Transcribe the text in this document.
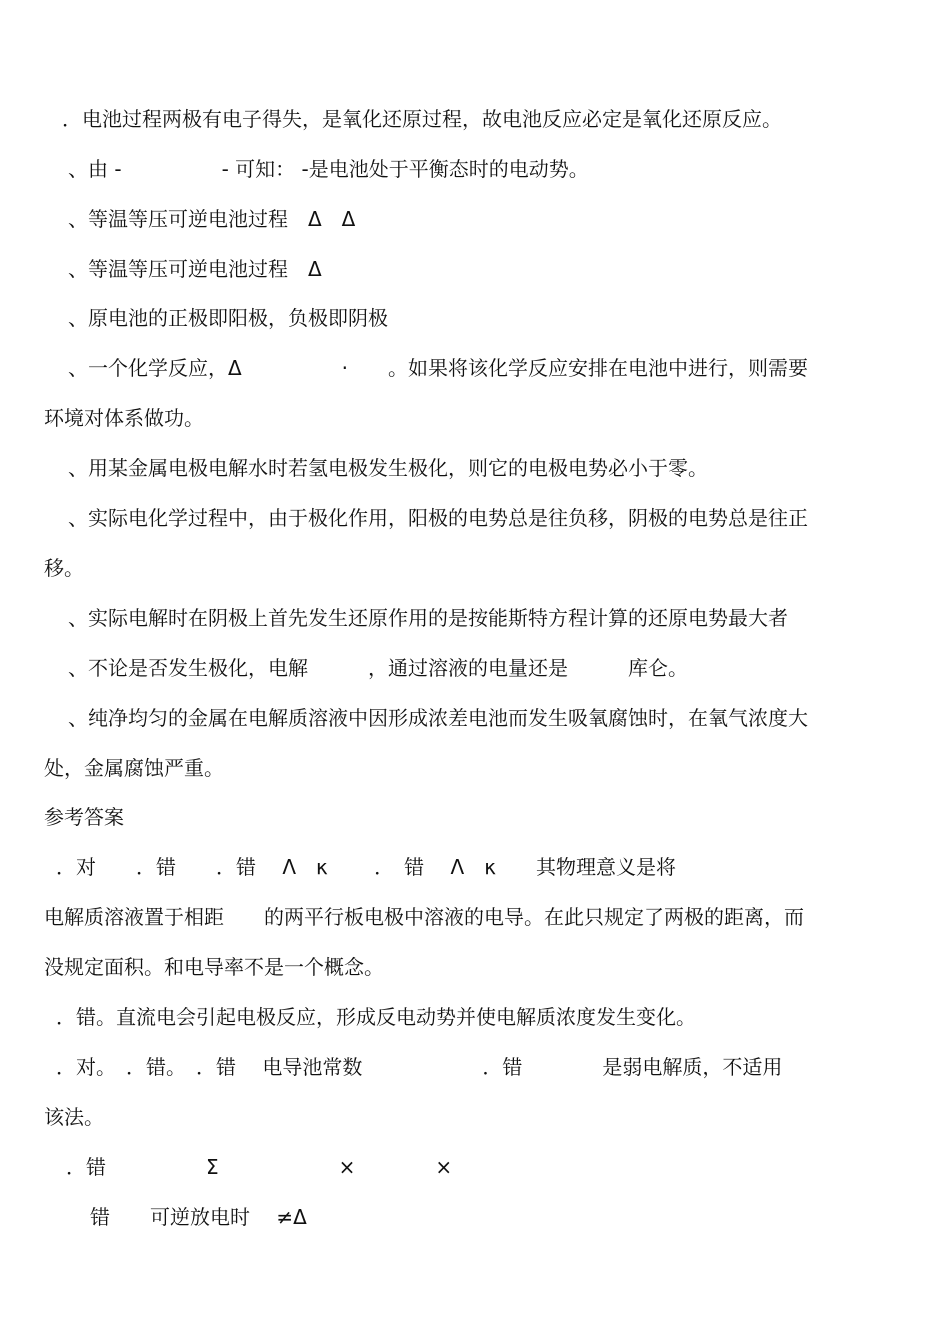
．电池过程两极有电子得失，是氧化还原过程，故电池反应必定是氧化还原反应。
、由 -　　　　　- 可知： -是电池处于平衡态时的电动势。
、等温等压可逆电池过程　Δ　Δ
、等温等压可逆电池过程　Δ
、原电池的正极即阳极，负极即阴极
、一个化学反应，Δ　　　　　·　　。如果将该化学反应安排在电池中进行，则需要
环境对体系做功。
、用某金属电极电解水时若氢电极发生极化，则它的电极电势必小于零。
、实际电化学过程中，由于极化作用，阳极的电势总是往负移，阴极的电势总是往正
移。
、实际电解时在阴极上首先发生还原作用的是按能斯特方程计算的还原电势最大者
、不论是否发生极化，电解　　　，通过溶液的电量还是　　　库仑。
、纯净均匀的金属在电解质溶液中因形成浓差电池而发生吸氧腐蚀时，在氧气浓度大
处，金属腐蚀严重。
参考答案
．对　　．错　　．错　 Λ　κ　　 ．　错　 Λ　κ　　其物理意义是将
电解质溶液置于相距　　的两平行板电极中溶液的电导。在此只规定了两极的距离，而
没规定面积。和电导率不是一个概念。
．错。直流电会引起电极反应，形成反电动势并使电解质浓度发生变化。
．对。　．错。　．错　 电导池常数　　　　　　．错　　　　是弱电解质，不适用
该法。
．错　　　　　Σ　　　　　　×　　　　×
错　　可逆放电时　 ≠Δ
